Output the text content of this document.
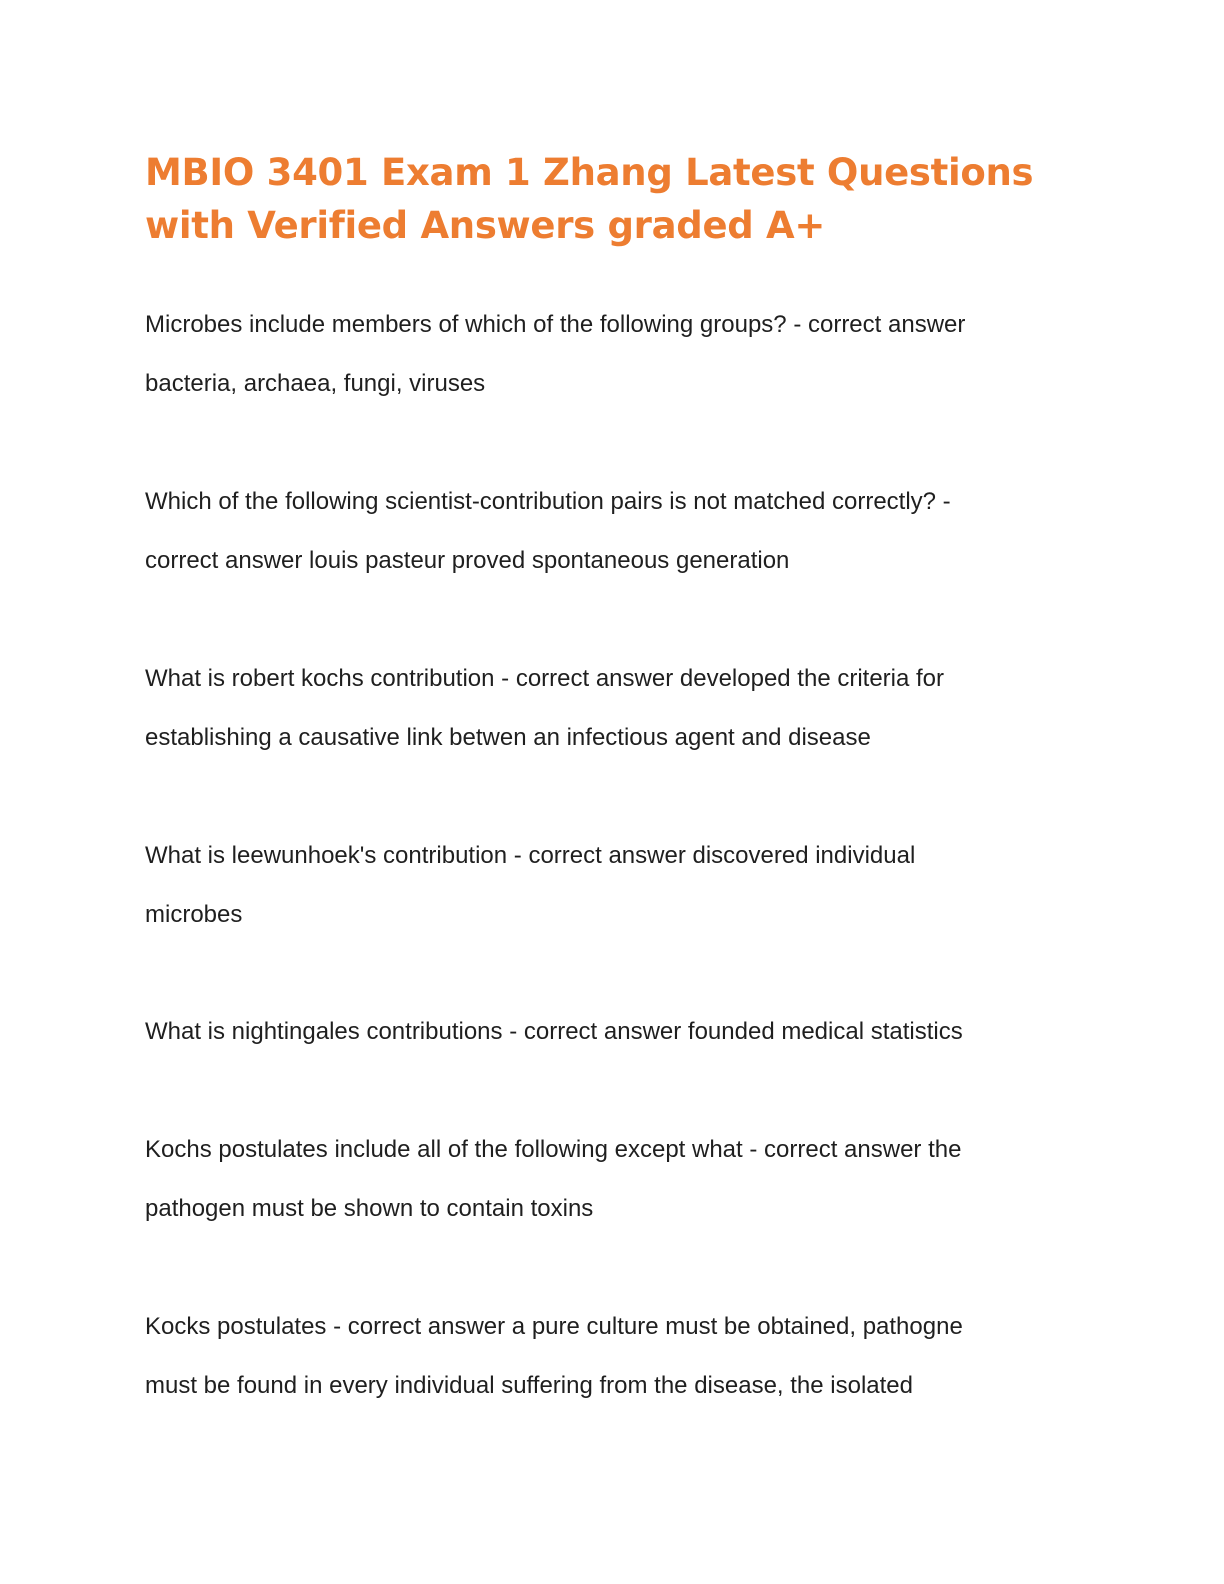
MBIO 3401 Exam 1 Zhang Latest Questions with Verified Answers graded A+
Microbes include members of which of the following groups? - correct answer
bacteria, archaea, fungi, viruses
Which of the following scientist-contribution pairs is not matched correctly? -
correct answer louis pasteur proved spontaneous generation
What is robert kochs contribution - correct answer developed the criteria for
establishing a causative link betwen an infectious agent and disease
What is leewunhoek's contribution - correct answer discovered individual
microbes
What is nightingales contributions - correct answer founded medical statistics
Kochs postulates include all of the following except what - correct answer the
pathogen must be shown to contain toxins
Kocks postulates - correct answer a pure culture must be obtained, pathogne
must be found in every individual suffering from the disease, the isolated
